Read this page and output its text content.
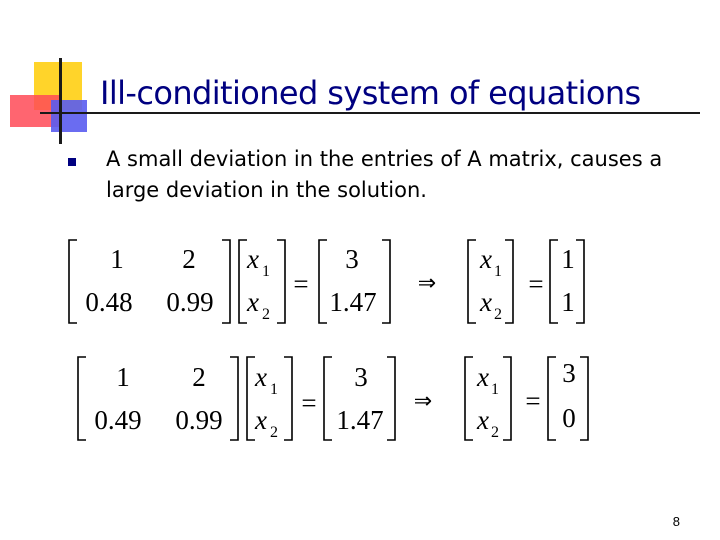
Ill-conditioned system of equations
A small deviation in the entries of A matrix, causes a large deviation in the solution.
1 2
0.48 0.99
x 1
x 2
=
3
1.47
⇒
x 1
x 2
=
1
1
1 2
0.49 0.99
x 1
x 2
=
3
1.47
⇒
x 1
x 2
=
3
0
8
